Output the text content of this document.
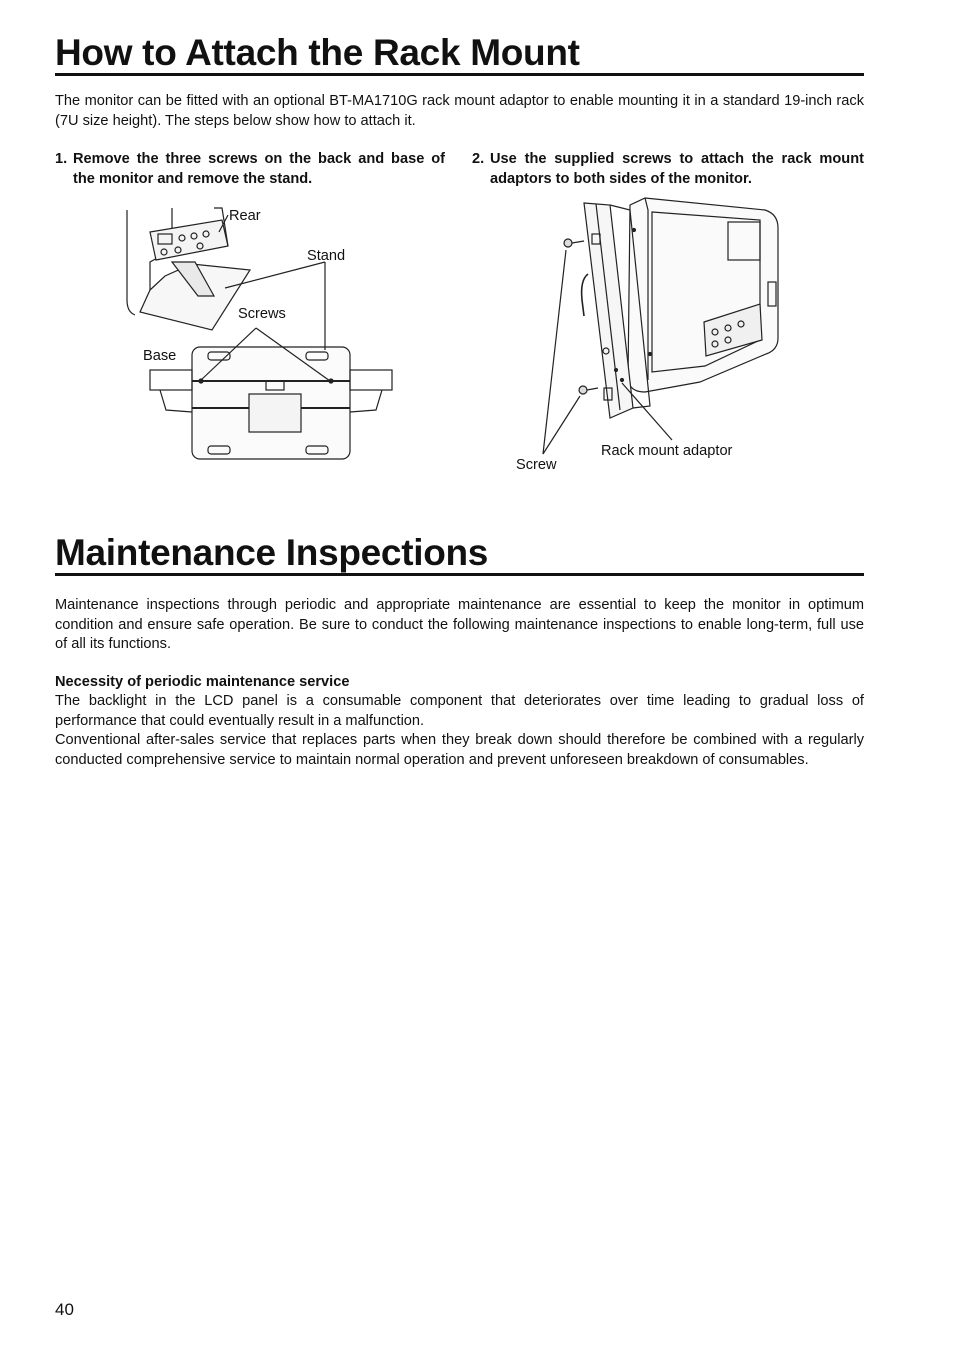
How to Attach the Rack Mount
The monitor can be fitted with an optional BT-MA1710G rack mount adaptor to enable mounting it in a standard 19-inch rack (7U size height). The steps below show how to attach it.
1. Remove the three screws on the back and base of the monitor and remove the stand.
2. Use the supplied screws to attach the rack mount adaptors to both sides of the monitor.
Rear
Stand
Screws
Base
Rack mount adaptor
Screw
Maintenance Inspections
Maintenance inspections through periodic and appropriate maintenance are essential to keep the monitor in optimum condition and ensure safe operation. Be sure to conduct the following maintenance inspections to enable long-term, full use of all its functions.
Necessity of periodic maintenance service
The backlight in the LCD panel is a consumable component that deteriorates over time leading to gradual loss of performance that could eventually result in a malfunction.
Conventional after-sales service that replaces parts when they break down should therefore be combined with a regularly conducted comprehensive service to maintain normal operation and prevent unforeseen breakdown of consumables.
40
